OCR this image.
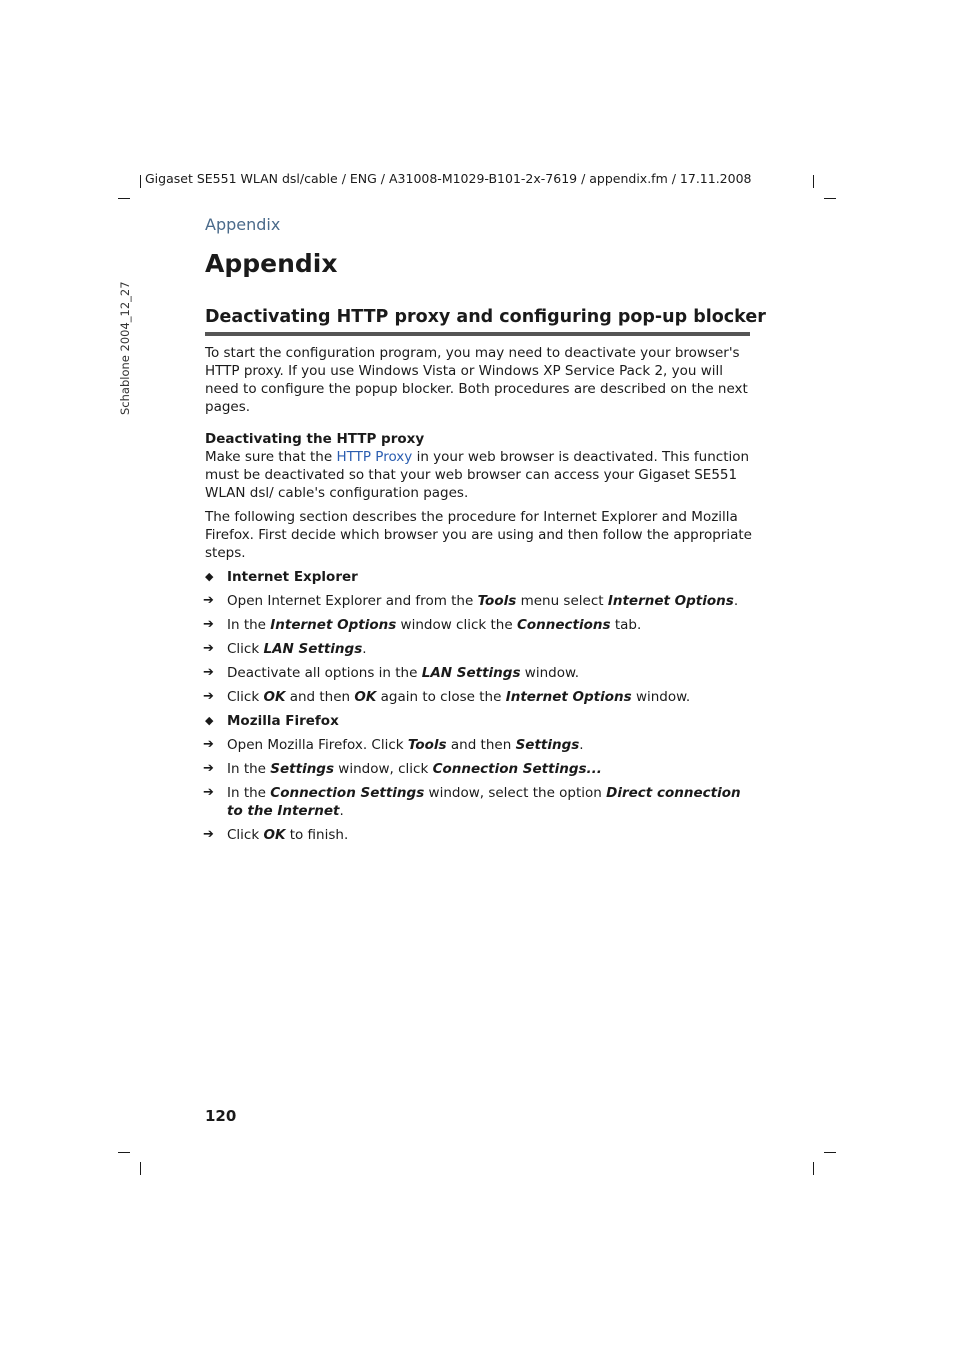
Gigaset SE551 WLAN dsl/cable / ENG / A31008-M1029-B101-2x-7619 / appendix.fm / 17.11.2008
Schablone 2004_12_27
Appendix
Appendix
Deactivating HTTP proxy and configuring pop-up blocker

To start the configuration program, you may need to deactivate your browser's HTTP proxy. If you use Windows Vista or Windows XP Service Pack 2, you will need to configure the popup blocker. Both procedures are described on the next pages.

Deactivating the HTTP proxy

Make sure that the HTTP Proxy in your web browser is deactivated. This function must be deactivated so that your web browser can access your Gigaset SE551 WLAN dsl/ cable's configuration pages.

The following section describes the procedure for Internet Explorer and Mozilla Firefox. First decide which browser you are using and then follow the appropriate steps.

◆	Internet Explorer
➔ Open Internet Explorer and from the Tools menu select Internet Options.
➔ In the Internet Options window click the Connections tab.
➔ Click LAN Settings.
➔ Deactivate all options in the LAN Settings window.
➔ Click OK and then OK again to close the Internet Options window.
◆	Mozilla Firefox
➔ Open Mozilla Firefox. Click Tools and then Settings.
➔ In the Settings window, click Connection Settings...
➔ In the Connection Settings window, select the option Direct connection to the Internet.
➔ Click OK to finish.
120
